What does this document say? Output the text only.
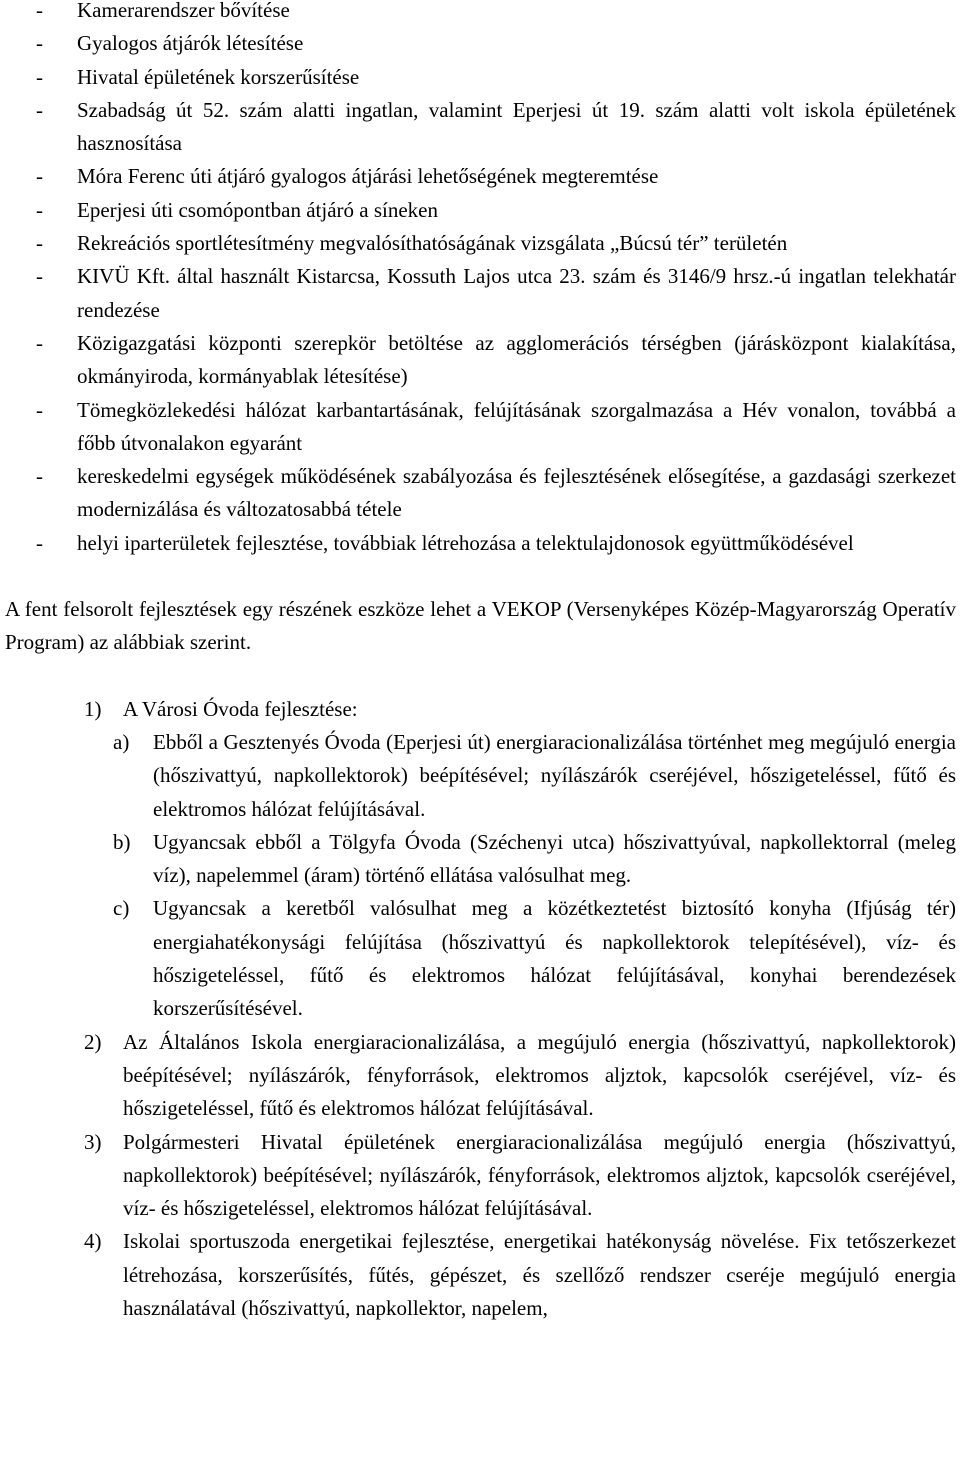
- Kamerarendszer bővítése
- Gyalogos átjárók létesítése
- Hivatal épületének korszerűsítése
- Szabadság út 52. szám alatti ingatlan, valamint Eperjesi út 19. szám alatti volt iskola épületének hasznosítása
- Móra Ferenc úti átjáró gyalogos átjárási lehetőségének megteremtése
- Eperjesi úti csomópontban átjáró a síneken
- Rekreációs sportlétesítmény megvalósíthatóságának vizsgálata „Búcsú tér” területén
- KIVÜ Kft. által használt Kistarcsa, Kossuth Lajos utca 23. szám és 3146/9 hrsz.-ú ingatlan telekhatár rendezése
- Közigazgatási központi szerepkör betöltése az agglomerációs térségben (járásközpont kialakítása, okmányiroda, kormányablak létesítése)
- Tömegközlekedési hálózat karbantartásának, felújításának szorgalmazása a Hév vonalon, továbbá a főbb útvonalakon egyaránt
- kereskedelmi egységek működésének szabályozása és fejlesztésének elősegítése, a gazdasági szerkezet modernizálása és változatosabbá tétele
- helyi iparterületek fejlesztése, továbbiak létrehozása a telektulajdonosok együttműködésével

A fent felsorolt fejlesztések egy részének eszköze lehet a VEKOP (Versenyképes Közép-Magyarország Operatív Program) az alábbiak szerint.

1) A Városi Óvoda fejlesztése:
a) Ebből a Gesztenyés Óvoda (Eperjesi út) energiaracionalizálása történhet meg megújuló energia (hőszivattyú, napkollektorok) beépítésével; nyílászárók cseréjével, hőszigeteléssel, fűtő és elektromos hálózat felújításával.
b) Ugyancsak ebből a Tölgyfa Óvoda (Széchenyi utca) hőszivattyúval, napkollektorral (meleg víz), napelemmel (áram) történő ellátása valósulhat meg.
c) Ugyancsak a keretből valósulhat meg a közétkeztetést biztosító konyha (Ifjúság tér) energiahatékonysági felújítása (hőszivattyú és napkollektorok telepítésével), víz- és hőszigeteléssel, fűtő és elektromos hálózat felújításával, konyhai berendezések korszerűsítésével.
2) Az Általános Iskola energiaracionalizálása, a megújuló energia (hőszivattyú, napkollektorok) beépítésével; nyílászárók, fényforrások, elektromos aljztok, kapcsolók cseréjével, víz- és hőszigeteléssel, fűtő és elektromos hálózat felújításával.
3) Polgármesteri Hivatal épületének energiaracionalizálása megújuló energia (hőszivattyú, napkollektorok) beépítésével; nyílászárók, fényforrások, elektromos aljztok, kapcsolók cseréjével, víz- és hőszigeteléssel, elektromos hálózat felújításával.
4) Iskolai sportuszoda energetikai fejlesztése, energetikai hatékonyság növelése. Fix tetőszerkezet létrehozása, korszerűsítés, fűtés, gépészet, és szellőző rendszer cseréje megújuló energia használatával (hőszivattyú, napkollektor, napelem,
